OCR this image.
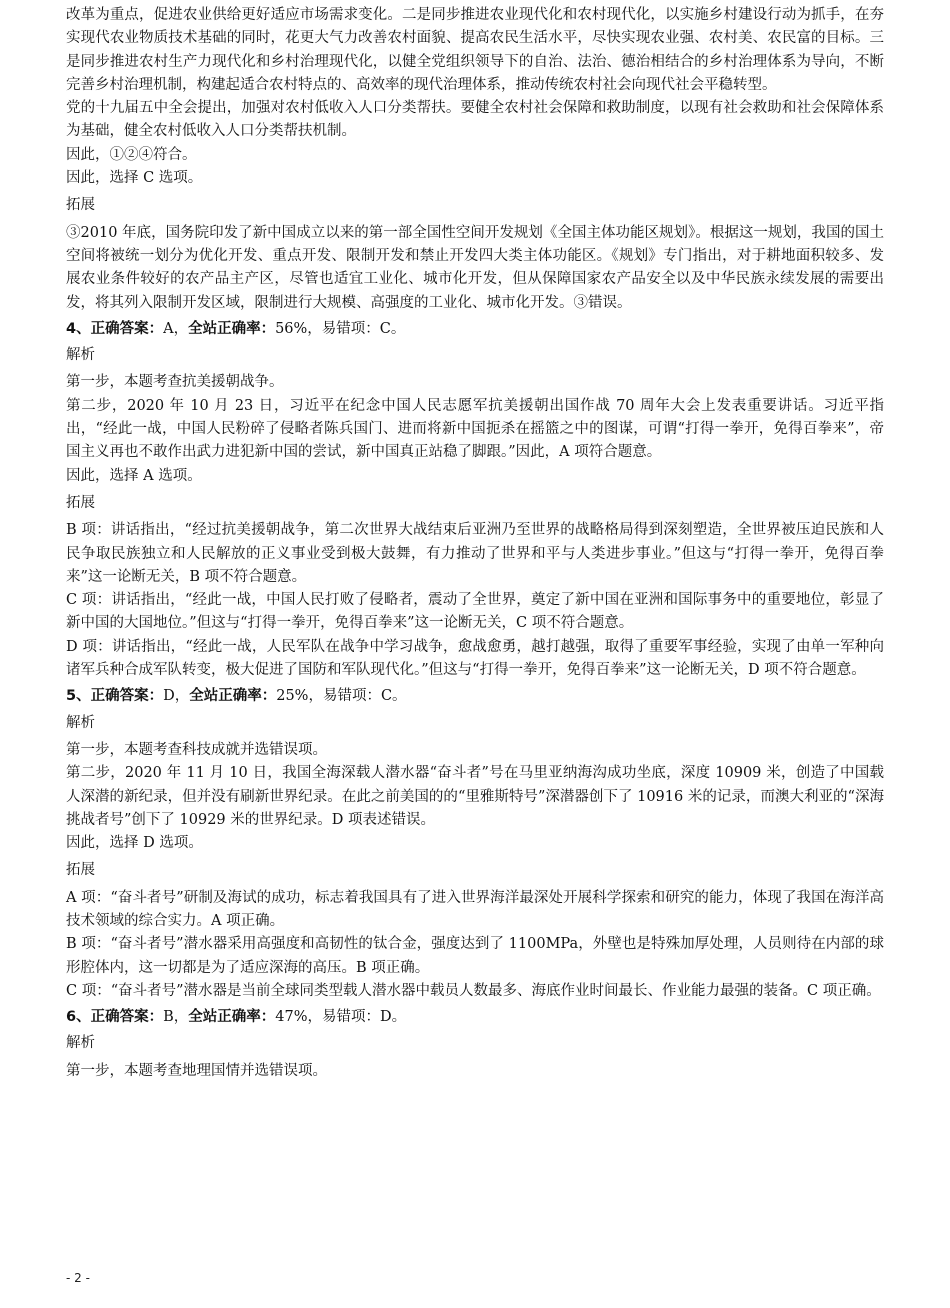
改革为重点，促进农业供给更好适应市场需求变化。二是同步推进农业现代化和农村现代化，以实施乡村建设行动为抓手，在夯实现代农业物质技术基础的同时，花更大气力改善农村面貌、提高农民生活水平，尽快实现农业强、农村美、农民富的目标。三是同步推进农村生产力现代化和乡村治理现代化，以健全党组织领导下的自治、法治、德治相结合的乡村治理体系为导向，不断完善乡村治理机制，构建起适合农村特点的、高效率的现代治理体系，推动传统农村社会向现代社会平稳转型。

党的十九届五中全会提出，加强对农村低收入人口分类帮扶。要健全农村社会保障和救助制度，以现有社会救助和社会保障体系为基础，健全农村低收入人口分类帮扶机制。

因此，①②④符合。

因此，选择 C 选项。

拓展

③2010 年底，国务院印发了新中国成立以来的第一部全国性空间开发规划《全国主体功能区规划》。根据这一规划，我国的国土空间将被统一划分为优化开发、重点开发、限制开发和禁止开发四大类主体功能区。《规划》专门指出，对于耕地面积较多、发展农业条件较好的农产品主产区，尽管也适宜工业化、城市化开发，但从保障国家农产品安全以及中华民族永续发展的需要出发，将其列入限制开发区域，限制进行大规模、高强度的工业化、城市化开发。③错误。

4、正确答案：A，全站正确率：56%，易错项：C。

解析

第一步，本题考查抗美援朝战争。

第二步，2020 年 10 月 23 日，习近平在纪念中国人民志愿军抗美援朝出国作战 70 周年大会上发表重要讲话。习近平指出，“经此一战，中国人民粉碎了侵略者陈兵国门、进而将新中国扼杀在摇篮之中的图谋，可谓“打得一拳开，免得百拳来”，帝国主义再也不敢作出武力进犯新中国的尝试，新中国真正站稳了脚跟。”因此，A 项符合题意。

因此，选择 A 选项。

拓展

B 项：讲话指出，“经过抗美援朝战争，第二次世界大战结束后亚洲乃至世界的战略格局得到深刻塑造，全世界被压迫民族和人民争取民族独立和人民解放的正义事业受到极大鼓舞，有力推动了世界和平与人类进步事业。”但这与“打得一拳开，免得百拳来”这一论断无关，B 项不符合题意。

C 项：讲话指出，“经此一战，中国人民打败了侵略者，震动了全世界，奠定了新中国在亚洲和国际事务中的重要地位，彰显了新中国的大国地位。”但这与“打得一拳开，免得百拳来”这一论断无关，C 项不符合题意。

D 项：讲话指出，“经此一战，人民军队在战争中学习战争，愈战愈勇，越打越强，取得了重要军事经验，实现了由单一军种向诸军兵种合成军队转变，极大促进了国防和军队现代化。”但这与“打得一拳开，免得百拳来”这一论断无关，D 项不符合题意。

5、正确答案：D，全站正确率：25%，易错项：C。

解析

第一步，本题考查科技成就并选错误项。

第二步，2020 年 11 月 10 日，我国全海深载人潜水器“奋斗者”号在马里亚纳海沟成功坐底，深度 10909 米，创造了中国载人深潜的新纪录，但并没有刷新世界纪录。在此之前美国的的“里雅斯特号”深潜器创下了 10916 米的记录，而澳大利亚的“深海挑战者号”创下了 10929 米的世界纪录。D 项表述错误。

因此，选择 D 选项。

拓展

A 项：“奋斗者号”研制及海试的成功，标志着我国具有了进入世界海洋最深处开展科学探索和研究的能力，体现了我国在海洋高技术领域的综合实力。A 项正确。

B 项：“奋斗者号”潜水器采用高强度和高韧性的钛合金，强度达到了 1100MPa，外壁也是特殊加厚处理，人员则待在内部的球形腔体内，这一切都是为了适应深海的高压。B 项正确。

C 项：“奋斗者号”潜水器是当前全球同类型载人潜水器中载员人数最多、海底作业时间最长、作业能力最强的装备。C 项正确。

6、正确答案：B，全站正确率：47%，易错项：D。

解析

第一步，本题考查地理国情并选错误项。

- 2 -
